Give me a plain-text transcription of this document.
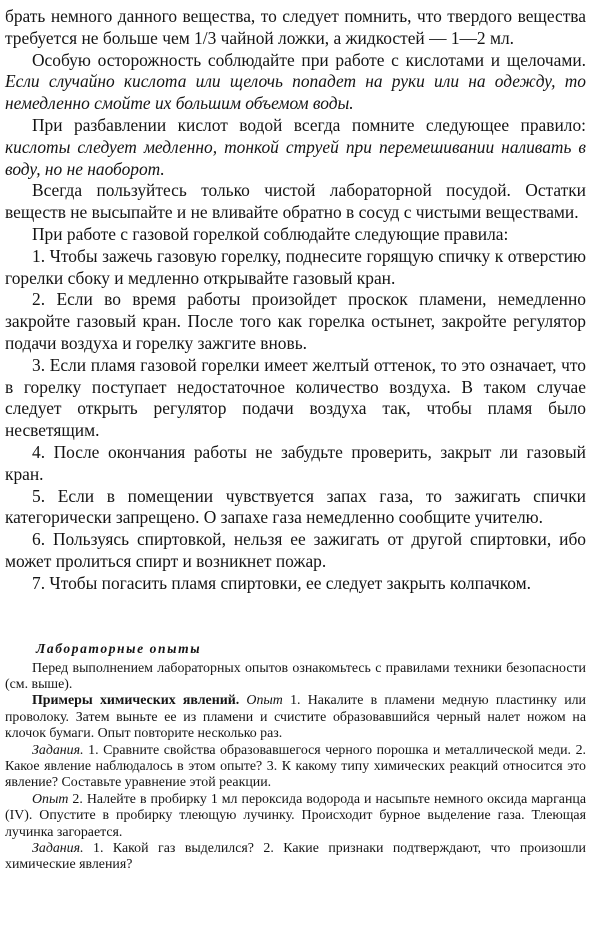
брать немного данного вещества, то следует помнить, что твердого вещества требуется не больше чем 1/3 чайной ложки, а жидкостей — 1—2 мл.

Особую осторожность соблюдайте при работе с кислотами и щелочами. Если случайно кислота или щелочь попадет на руки или на одежду, то немедленно смойте их большим объемом воды.

При разбавлении кислот водой всегда помните следующее правило: кислоты следует медленно, тонкой струей при перемешивании наливать в воду, но не наоборот.

Всегда пользуйтесь только чистой лабораторной посудой. Остатки веществ не высыпайте и не вливайте обратно в сосуд с чистыми веществами.

При работе с газовой горелкой соблюдайте следующие правила:

1. Чтобы зажечь газовую горелку, поднесите горящую спичку к отверстию горелки сбоку и медленно открывайте газовый кран.

2. Если во время работы произойдет проскок пламени, немедленно закройте газовый кран. После того как горелка остынет, закройте регулятор подачи воздуха и горелку зажгите вновь.

3. Если пламя газовой горелки имеет желтый оттенок, то это означает, что в горелку поступает недостаточное количество воздуха. В таком случае следует открыть регулятор подачи воздуха так, чтобы пламя было несветящим.

4. После окончания работы не забудьте проверить, закрыт ли газовый кран.

5. Если в помещении чувствуется запах газа, то зажигать спички категорически запрещено. О запахе газа немедленно сообщите учителю.

6. Пользуясь спиртовкой, нельзя ее зажигать от другой спиртовки, ибо может пролиться спирт и возникнет пожар.

7. Чтобы погасить пламя спиртовки, ее следует закрыть колпачком.

Лабораторные опыты

Перед выполнением лабораторных опытов ознакомьтесь с правилами техники безопасности (см. выше).

Примеры химических явлений. Опыт 1. Накалите в пламени медную пластинку или проволоку. Затем выньте ее из пламени и счистите образовавшийся черный налет ножом на клочок бумаги. Опыт повторите несколько раз.

Задания. 1. Сравните свойства образовавшегося черного порошка и металлической меди. 2. Какое явление наблюдалось в этом опыте? 3. К какому типу химических реакций относится это явление? Составьте уравнение этой реакции.

Опыт 2. Налейте в пробирку 1 мл пероксида водорода и насыпьте немного оксида марганца (IV). Опустите в пробирку тлеющую лучинку. Происходит бурное выделение газа. Тлеющая лучинка загорается.

Задания. 1. Какой газ выделился? 2. Какие признаки подтверждают, что произошли химические явления?
